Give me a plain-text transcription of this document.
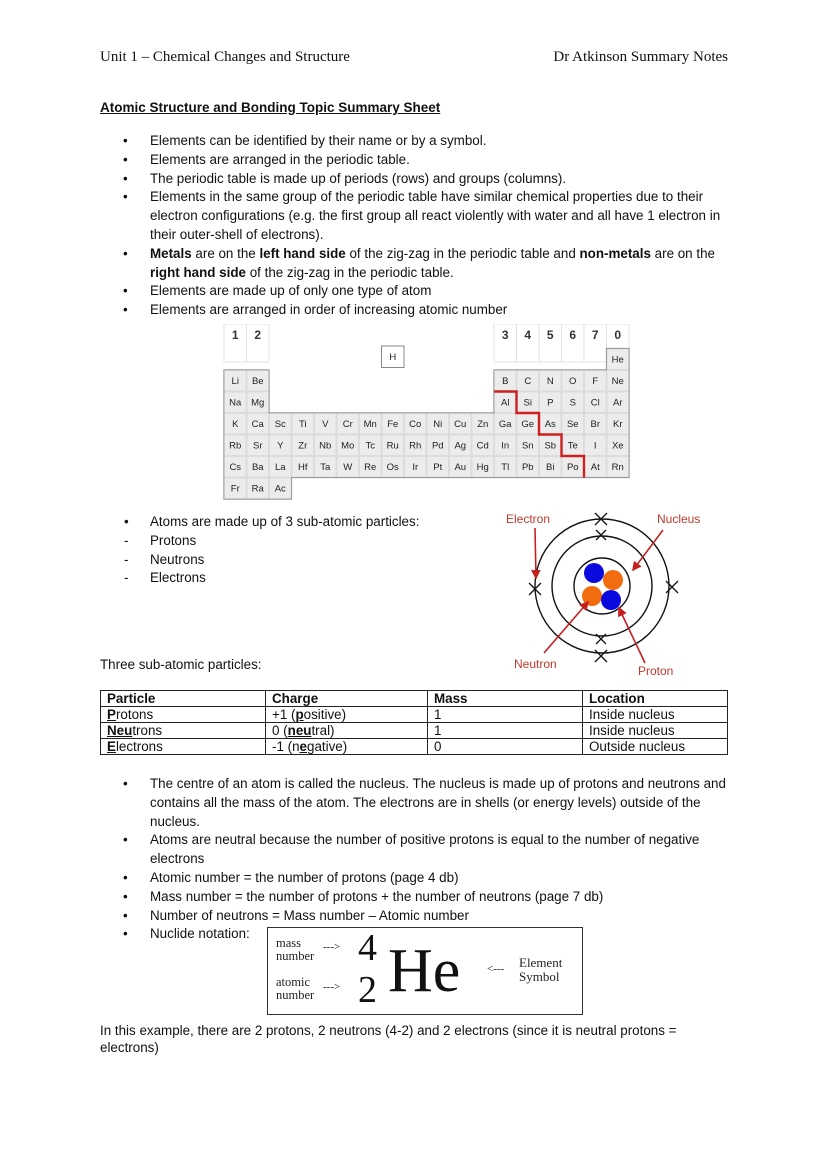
Unit 1 – Chemical Changes and Structure	Dr Atkinson Summary Notes
Atomic Structure and Bonding Topic Summary Sheet
•	Elements can be identified by their name or by a symbol.
•	Elements are arranged in the periodic table.
•	The periodic table is made up of periods (rows) and groups (columns).
•	Elements in the same group of the periodic table have similar chemical properties due to their electron configurations (e.g. the first group all react violently with water and all have 1 electron in their outer-shell of electrons).
•	Metals are on the left hand side of the zig-zag in the periodic table and non-metals are on the right hand side of the zig-zag in the periodic table.
•	Elements are made up of only one type of atom
•	Elements are arranged in order of increasing atomic number
1 2	3 4 5 6 7 0
H	He
Li Be	B C N O F Ne
Na Mg	Al Si P S Cl Ar
K Ca Sc Ti V Cr Mn Fe Co Ni Cu Zn Ga Ge As Se Br Kr
Rb Sr Y Zr Nb Mo Tc Ru Rh Pd Ag Cd In Sn Sb Te I Xe
Cs Ba La Hf Ta W Re Os Ir Pt Au Hg Tl Pb Bi Po At Rn
Fr Ra Ac
• Atoms are made up of 3 sub-atomic particles:
- Protons
- Neutrons
- Electrons
Electron	Nucleus
Neutron	Proton
Three sub-atomic particles:
Particle	Charge	Mass	Location
Protons	+1 (positive)	1	Inside nucleus
Neutrons	0 (neutral)	1	Inside nucleus
Electrons	-1 (negative)	0	Outside nucleus
•	The centre of an atom is called the nucleus. The nucleus is made up of protons and neutrons and contains all the mass of the atom. The electrons are in shells (or energy levels) outside of the nucleus.
•	Atoms are neutral because the number of positive protons is equal to the number of negative electrons
•	Atomic number = the number of protons (page 4 db)
•	Mass number = the number of protons + the number of neutrons (page 7 db)
•	Number of neutrons = Mass number – Atomic number
•	Nuclide notation:
mass
number
--->
atomic
number
--->
4
2 He <--- Element
Symbol
In this example, there are 2 protons, 2 neutrons (4-2) and 2 electrons (since it is neutral protons = electrons)
